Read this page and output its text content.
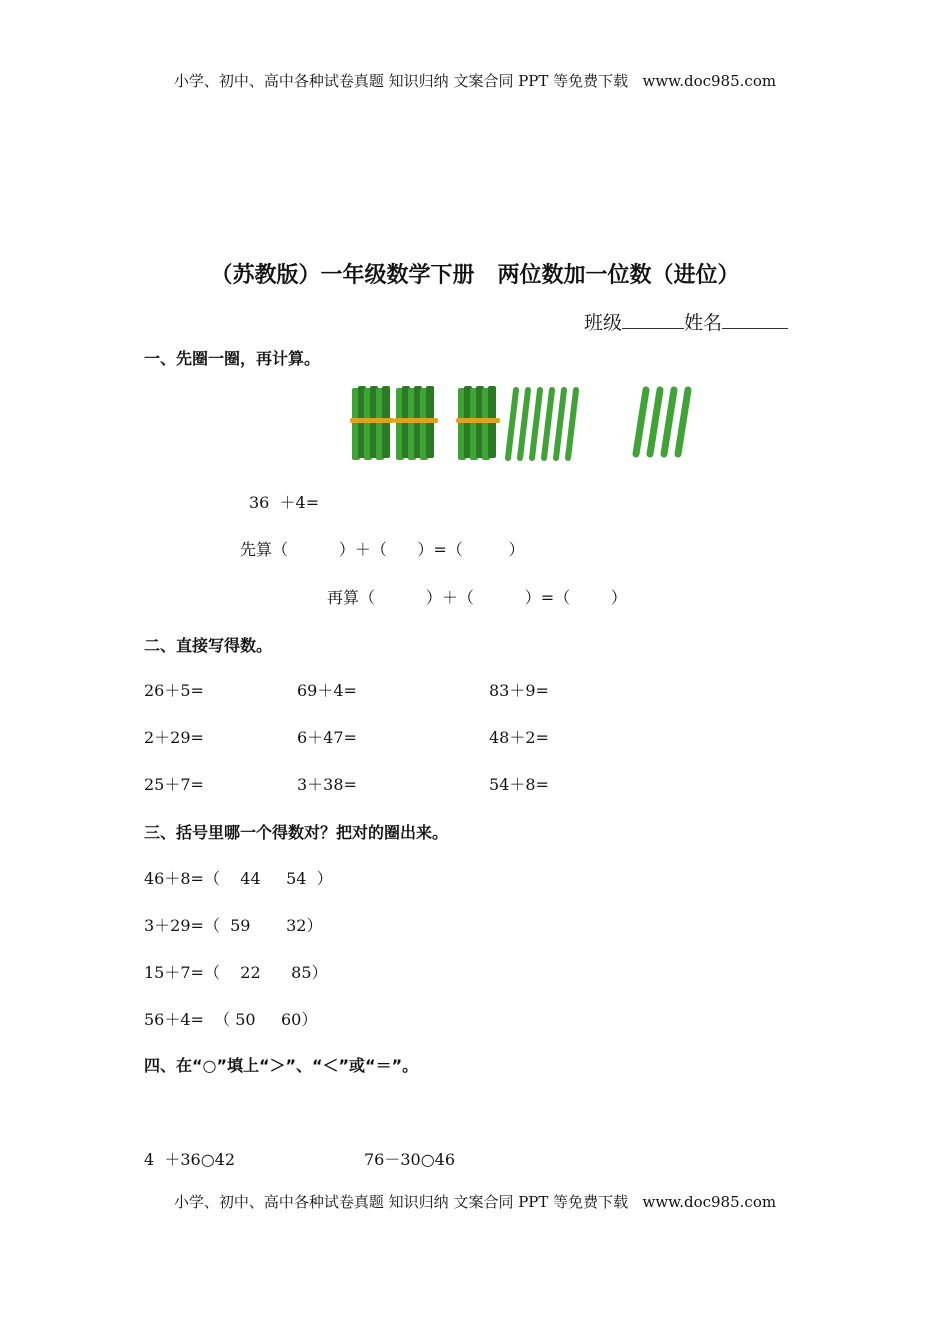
小学、初中、高中各种试卷真题 知识归纳 文案合同 PPT 等免费下载   www.doc985.com
（苏教版）一年级数学下册   两位数加一位数（进位）
班级	姓名
一、先圈一圈，再计算。
36  ＋4=
先算（          ）＋（      ）=（         ）
再算（          ）＋（          ）=（        ）
二、直接写得数。
26＋5=	69＋4=	83＋9=
2＋29=	6＋47=	48＋2=
25＋7=	3＋38=	54＋8=
三、括号里哪一个得数对？把对的圈出来。
46＋8=（    44     54  ）
3＋29=（  59       32）
15＋7=（    22      85）
56＋4=  （ 50     60）
四、在“○”填上“＞”、“＜”或“＝”。
4  ＋36○42	76－30○46
小学、初中、高中各种试卷真题 知识归纳 文案合同 PPT 等免费下载   www.doc985.com
